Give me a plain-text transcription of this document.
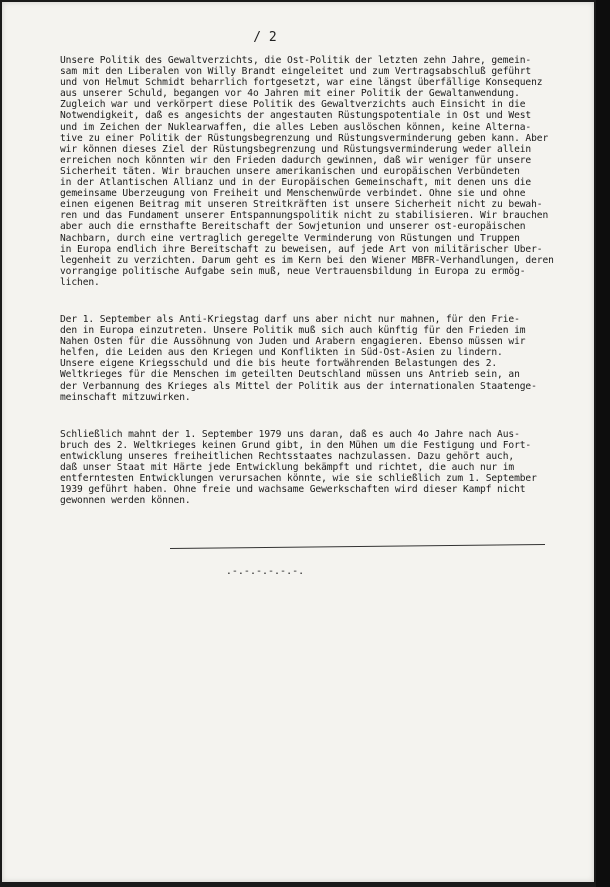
/ 2
Unsere Politik des Gewaltverzichts, die Ost-Politik der letzten zehn Jahre, gemein-
sam mit den Liberalen von Willy Brandt eingeleitet und zum Vertragsabschluß geführt
und von Helmut Schmidt beharrlich fortgesetzt, war eine längst überfällige Konsequenz
aus unserer Schuld, begangen vor 4o Jahren mit einer Politik der Gewaltanwendung.
Zugleich war und verkörpert diese Politik des Gewaltverzichts auch Einsicht in die
Notwendigkeit, daß es angesichts der angestauten Rüstungspotentiale in Ost und West
und im Zeichen der Nuklearwaffen, die alles Leben auslöschen können, keine Alterna-
tive zu einer Politik der Rüstungsbegrenzung und Rüstungsverminderung geben kann. Aber
wir können dieses Ziel der Rüstungsbegrenzung und Rüstungsverminderung weder allein
erreichen noch könnten wir den Frieden dadurch gewinnen, daß wir weniger für unsere
Sicherheit täten. Wir brauchen unsere amerikanischen und europäischen Verbündeten
in der Atlantischen Allianz und in der Europäischen Gemeinschaft, mit denen uns die
gemeinsame Überzeugung von Freiheit und Menschenwürde verbindet. Ohne sie und ohne
einen eigenen Beitrag mit unseren Streitkräften ist unsere Sicherheit nicht zu bewah-
ren und das Fundament unserer Entspannungspolitik nicht zu stabilisieren. Wir brauchen
aber auch die ernsthafte Bereitschaft der Sowjetunion und unserer ost-europäischen
Nachbarn, durch eine vertraglich geregelte Verminderung von Rüstungen und Truppen
in Europa endlich ihre Bereitschaft zu beweisen, auf jede Art von militärischer Über-
legenheit zu verzichten. Darum geht es im Kern bei den Wiener MBFR-Verhandlungen, deren
vorrangige politische Aufgabe sein muß, neue Vertrauensbildung in Europa zu ermög-
lichen.
Der 1. September als Anti-Kriegstag darf uns aber nicht nur mahnen, für den Frie-
den in Europa einzutreten. Unsere Politik muß sich auch künftig für den Frieden im
Nahen Osten für die Aussöhnung von Juden und Arabern engagieren. Ebenso müssen wir
helfen, die Leiden aus den Kriegen und Konflikten in Süd-Ost-Asien zu lindern.
Unsere eigene Kriegsschuld und die bis heute fortwährenden Belastungen des 2.
Weltkrieges für die Menschen im geteilten Deutschland müssen uns Antrieb sein, an
der Verbannung des Krieges als Mittel der Politik aus der internationalen Staatenge-
meinschaft mitzuwirken.
Schließlich mahnt der 1. September 1979 uns daran, daß es auch 4o Jahre nach Aus-
bruch des 2. Weltkrieges keinen Grund gibt, in den Mühen um die Festigung und Fort-
entwicklung unseres freiheitlichen Rechtsstaates nachzulassen. Dazu gehört auch,
daß unser Staat mit Härte jede Entwicklung bekämpft und richtet, die auch nur im
entferntesten Entwicklungen verursachen könnte, wie sie schließlich zum 1. September
1939 geführt haben. Ohne freie und wachsame Gewerkschaften wird dieser Kampf nicht
gewonnen werden können.
.-.-.-.-.-.-.
